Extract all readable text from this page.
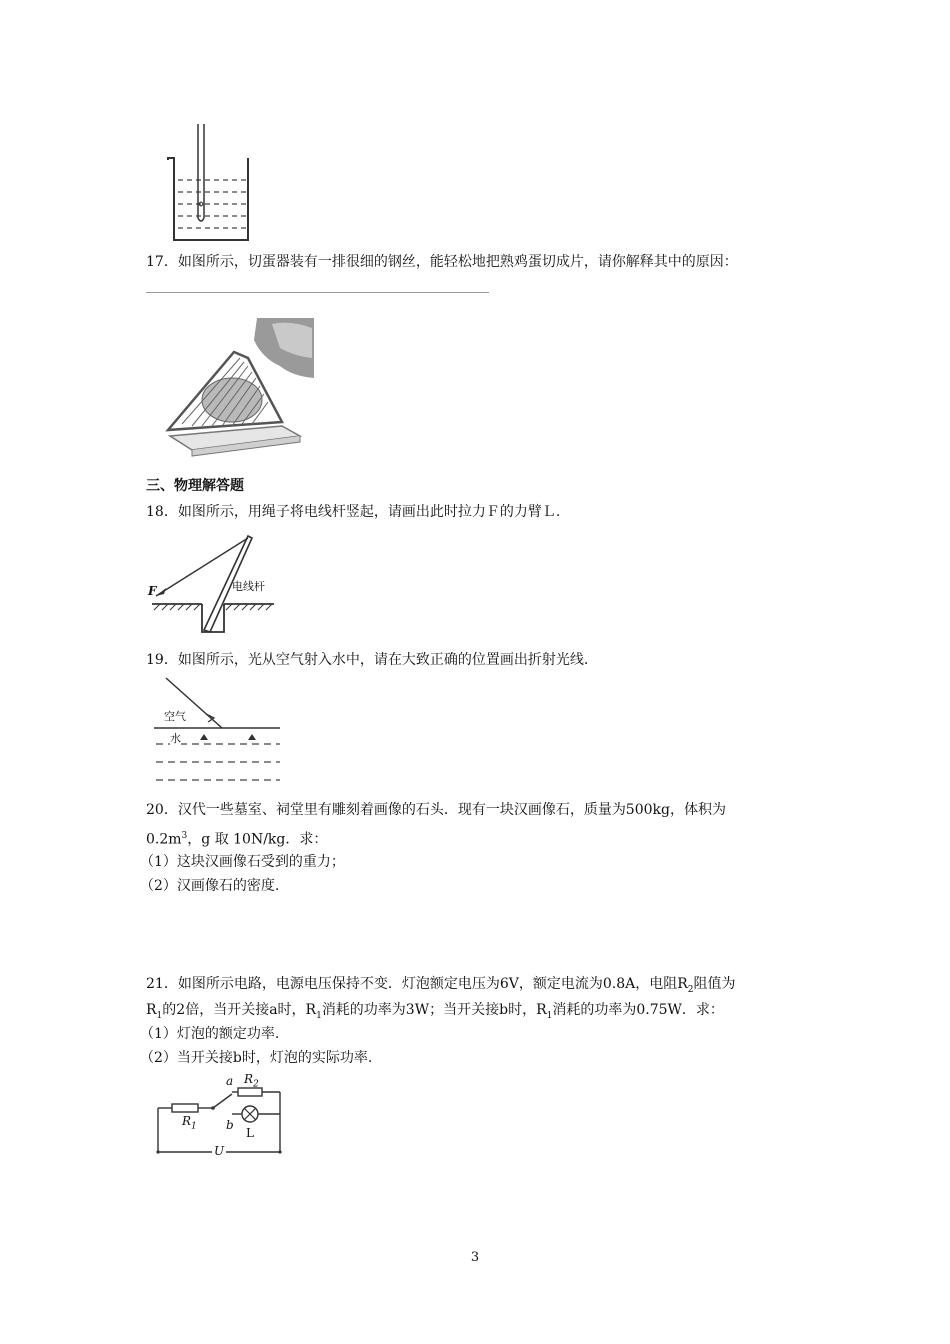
17．如图所示，切蛋器装有一排很细的钢丝，能轻松地把熟鸡蛋切成片，请你解释其中的原因：
三、物理解答题
18．如图所示，用绳子将电线杆竖起，请画出此时拉力Ｆ的力臂Ｌ.
F	电线杆
19．如图所示，光从空气射入水中，请在大致正确的位置画出折射光线.
空气
水
20．汉代一些墓室、祠堂里有雕刻着画像的石头．现有一块汉画像石，质量为500kg，体积为
$0.2m^3$，g 取 10N/kg．求：
（1）这块汉画像石受到的重力；
（2）汉画像石的密度.
21．如图所示电路，电源电压保持不变．灯泡额定电压为6V，额定电流为0.8A，电阻$R_2$阻值为
$R_1$的2倍，当开关接a时，$R_1$消耗的功率为3W；当开关接b时，$R_1$消耗的功率为0.75W．求：
（1）灯泡的额定功率.
（2）当开关接b时，灯泡的实际功率.
a
b
$R_1$
$R_2$
L
U
3
